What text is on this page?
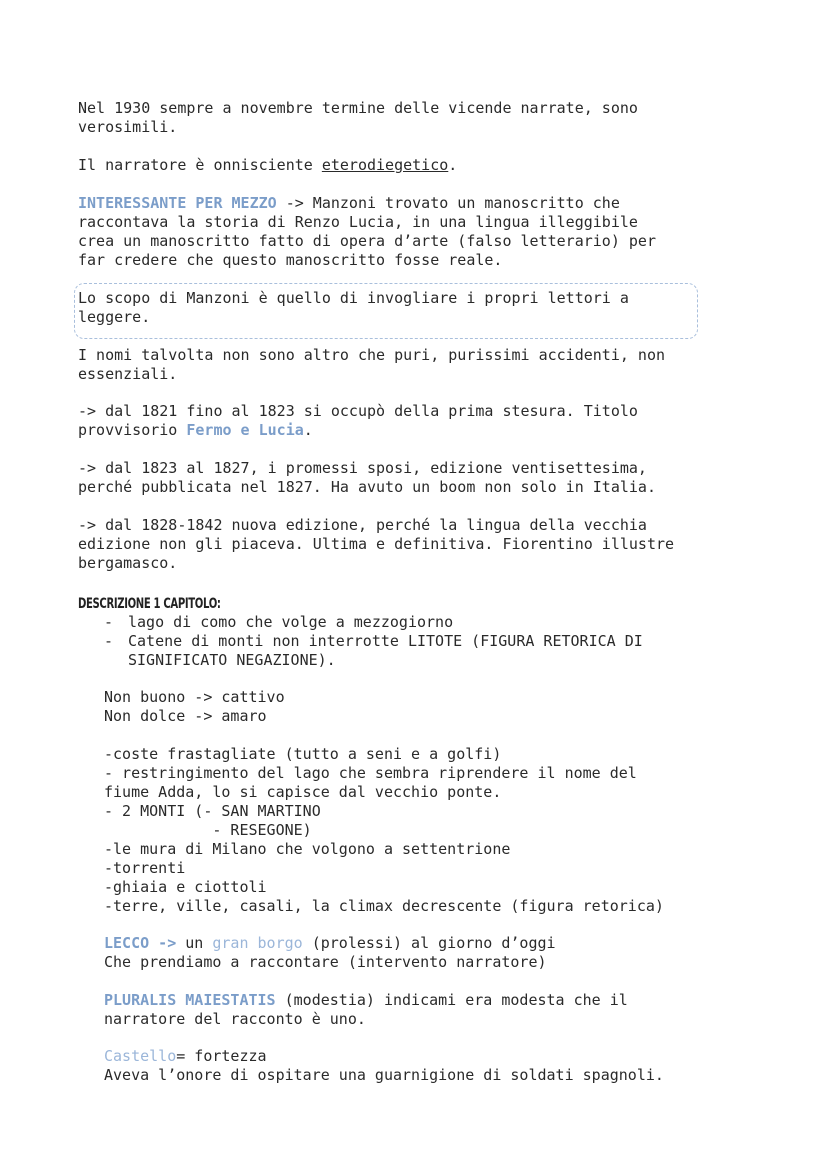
Nel 1930 sempre a novembre termine delle vicende narrate, sono
verosimili.
Il narratore è onnisciente eterodiegetico.
INTERESSANTE PER MEZZO -> Manzoni trovato un manoscritto che
raccontava la storia di Renzo Lucia, in una lingua illeggibile
crea un manoscritto fatto di opera d’arte (falso letterario) per
far credere che questo manoscritto fosse reale.
Lo scopo di Manzoni è quello di invogliare i propri lettori a
leggere.
I nomi talvolta non sono altro che puri, purissimi accidenti, non
essenziali.
-> dal 1821 fino al 1823 si occupò della prima stesura. Titolo
provvisorio Fermo e Lucia.
-> dal 1823 al 1827, i promessi sposi, edizione ventisettesima,
perché pubblicata nel 1827. Ha avuto un boom non solo in Italia.
-> dal 1828-1842 nuova edizione, perché la lingua della vecchia
edizione non gli piaceva. Ultima e definitiva. Fiorentino illustre
bergamasco.
DESCRIZIONE 1 CAPITOLO:
- lago di como che volge a mezzogiorno
- Catene di monti non interrotte LITOTE (FIGURA RETORICA DI
SIGNIFICATO NEGAZIONE).
Non buono -> cattivo
Non dolce -> amaro
-coste frastagliate (tutto a seni e a golfi)
- restringimento del lago che sembra riprendere il nome del
fiume Adda, lo si capisce dal vecchio ponte.
- 2 MONTI (- SAN MARTINO
- RESEGONE)
-le mura di Milano che volgono a settentrione
-torrenti
-ghiaia e ciottoli
-terre, ville, casali, la climax decrescente (figura retorica)
LECCO -> un gran borgo (prolessi) al giorno d’oggi
Che prendiamo a raccontare (intervento narratore)
PLURALIS MAIESTATIS (modestia) indicami era modesta che il
narratore del racconto è uno.
Castello= fortezza
Aveva l’onore di ospitare una guarnigione di soldati spagnoli.
